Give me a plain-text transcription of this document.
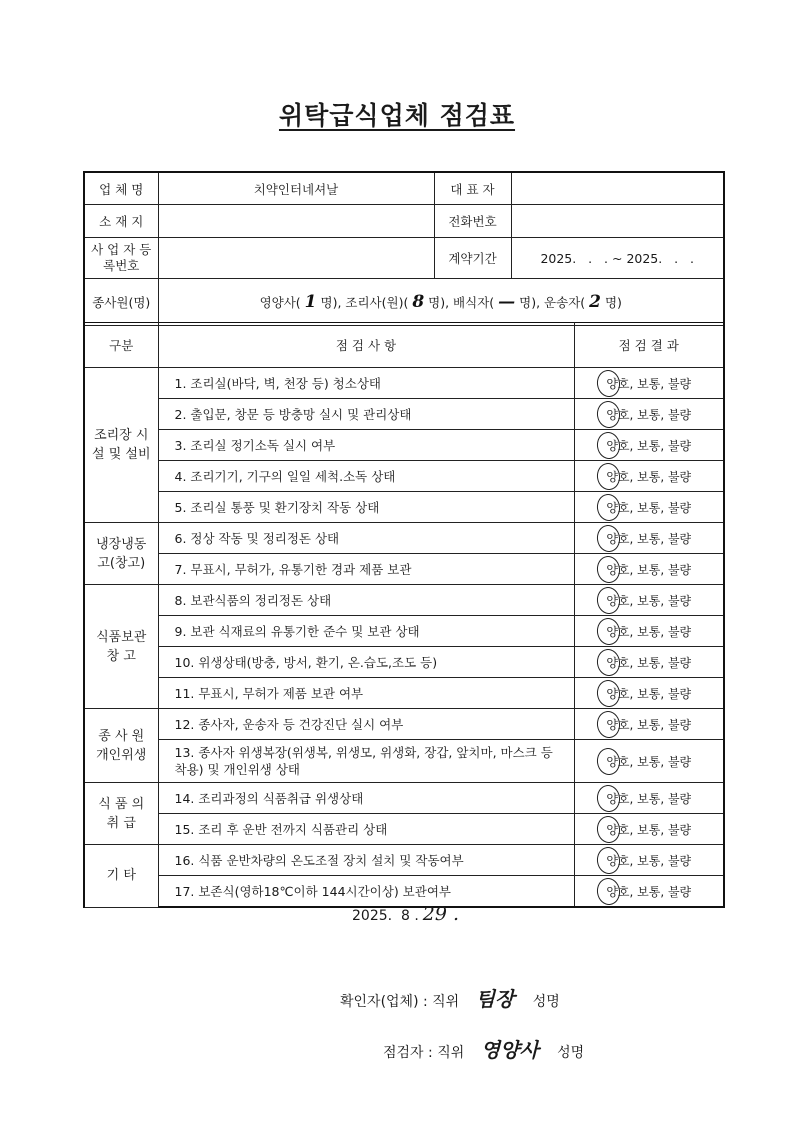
위탁급식업체 점검표
업 체 명	치약인터네셔날	대 표 자	
소 재 지		전화번호	
사 업 자 등록번호		계약기간	2025.   .   . ~ 2025.   .   .
종사원(명)	영양사( 1 명), 조리사(원)( 8 명), 배식자( — 명), 운송자( 2 명)		
구분	점 검 사 항	점 검 결 과
조리장 시설 및 설비	1. 조리실(바닥, 벽, 천장 등) 청소상태	양호, 보통, 불량
	2. 출입문, 창문 등 방충망 실시 및 관리상태	양호, 보통, 불량
	3. 조리실 정기소독 실시 여부	양호, 보통, 불량
	4. 조리기기, 기구의 일일 세척.소독 상태	양호, 보통, 불량
	5. 조리실 통풍 및 환기장치 작동 상태	양호, 보통, 불량
냉장냉동 고(창고)	6. 정상 작동 및 정리정돈 상태	양호, 보통, 불량
	7. 무표시, 무허가, 유통기한 경과 제품 보관	양호, 보통, 불량
식품보관 창 고	8. 보관식품의 정리정돈 상태	양호, 보통, 불량
	9. 보관 식재료의 유통기한 준수 및 보관 상태	양호, 보통, 불량
	10. 위생상태(방충, 방서, 환기, 온.습도,조도 등)	양호, 보통, 불량
	11. 무표시, 무허가 제품 보관 여부	양호, 보통, 불량
종 사 원 개인위생	12. 종사자, 운송자 등 건강진단 실시 여부	양호, 보통, 불량
	13. 종사자 위생복장(위생복, 위생모, 위생화, 장갑, 앞치마, 마스크 등 착용) 및 개인위생 상태	양호, 보통, 불량
식 품 의 취 급	14. 조리과정의 식품취급 위생상태	양호, 보통, 불량
	15. 조리 후 운반 전까지 식품관리 상태	양호, 보통, 불량
기 타	16. 식품 운반차량의 온도조절 장치 설치 및 작동여부	양호, 보통, 불량
	17. 보존식(영하18℃이하 144시간이상) 보관여부	양호, 보통, 불량
2025.  8 . 29 .
확인자(업체) : 직위 팀장 성명
점검자 : 직위 영양사 성명
